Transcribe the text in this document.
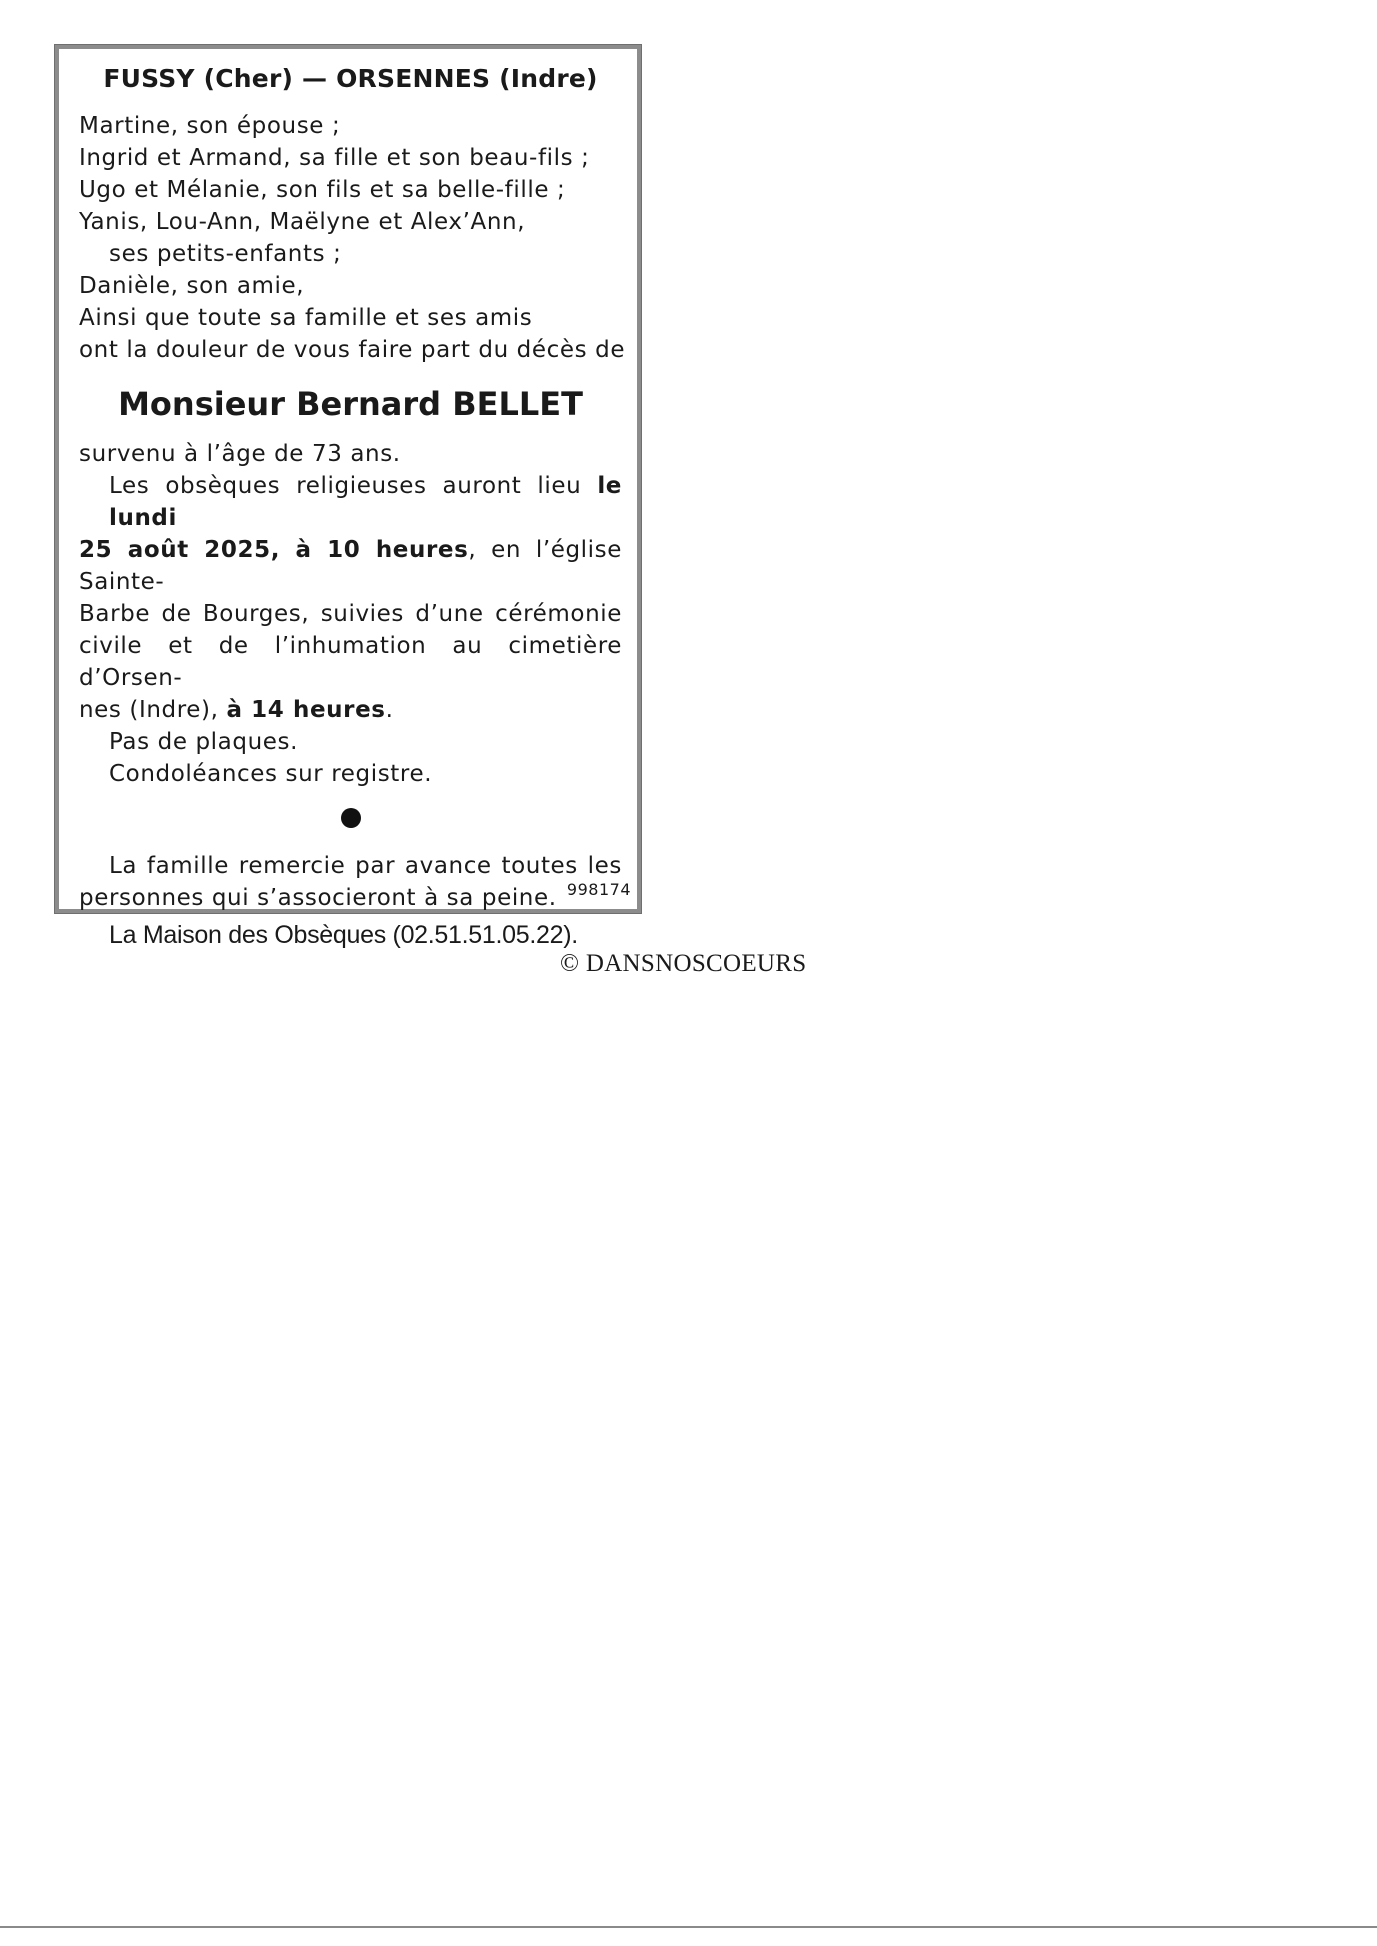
FUSSY (Cher) — ORSENNES (Indre)
Martine, son épouse ;
Ingrid et Armand, sa fille et son beau-fils ;
Ugo et Mélanie, son fils et sa belle-fille ;
Yanis, Lou-Ann, Maëlyne et Alex’Ann,
ses petits-enfants ;
Danièle, son amie,
Ainsi que toute sa famille et ses amis
ont la douleur de vous faire part du décès de
Monsieur Bernard BELLET
survenu à l’âge de 73 ans.
Les obsèques religieuses auront lieu le lundi
25 août 2025, à 10 heures, en l’église Sainte-
Barbe de Bourges, suivies d’une cérémonie
civile et de l’inhumation au cimetière d’Orsen-
nes (Indre), à 14 heures.
Pas de plaques.
Condoléances sur registre.
La famille remercie par avance toutes les
personnes qui s’associeront à sa peine.
La Maison des Obsèques (02.51.51.05.22).
998174
© DANSNOSCOEURS
